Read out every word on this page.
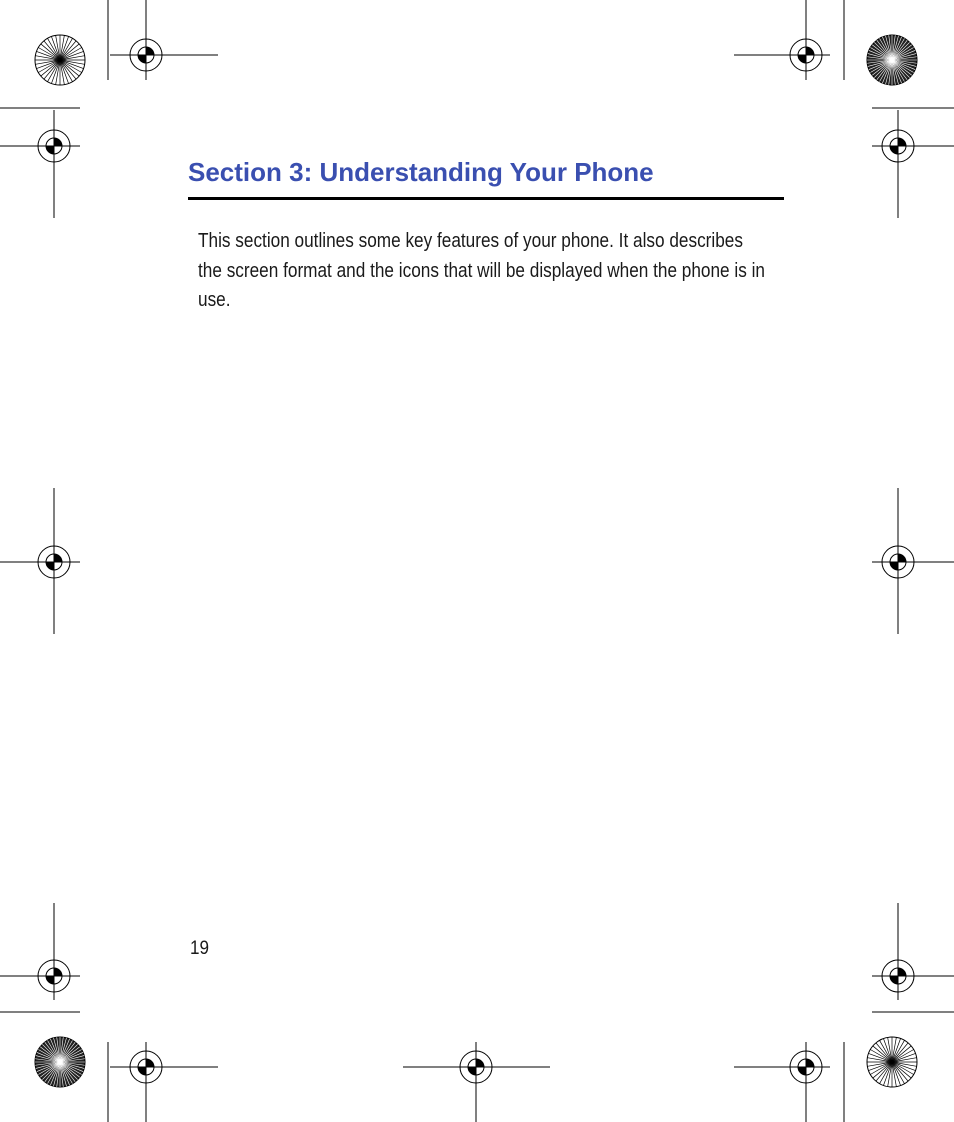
Section 3: Understanding Your Phone

This section outlines some key features of your phone. It also describes the screen format and the icons that will be displayed when the phone is in use.

19
